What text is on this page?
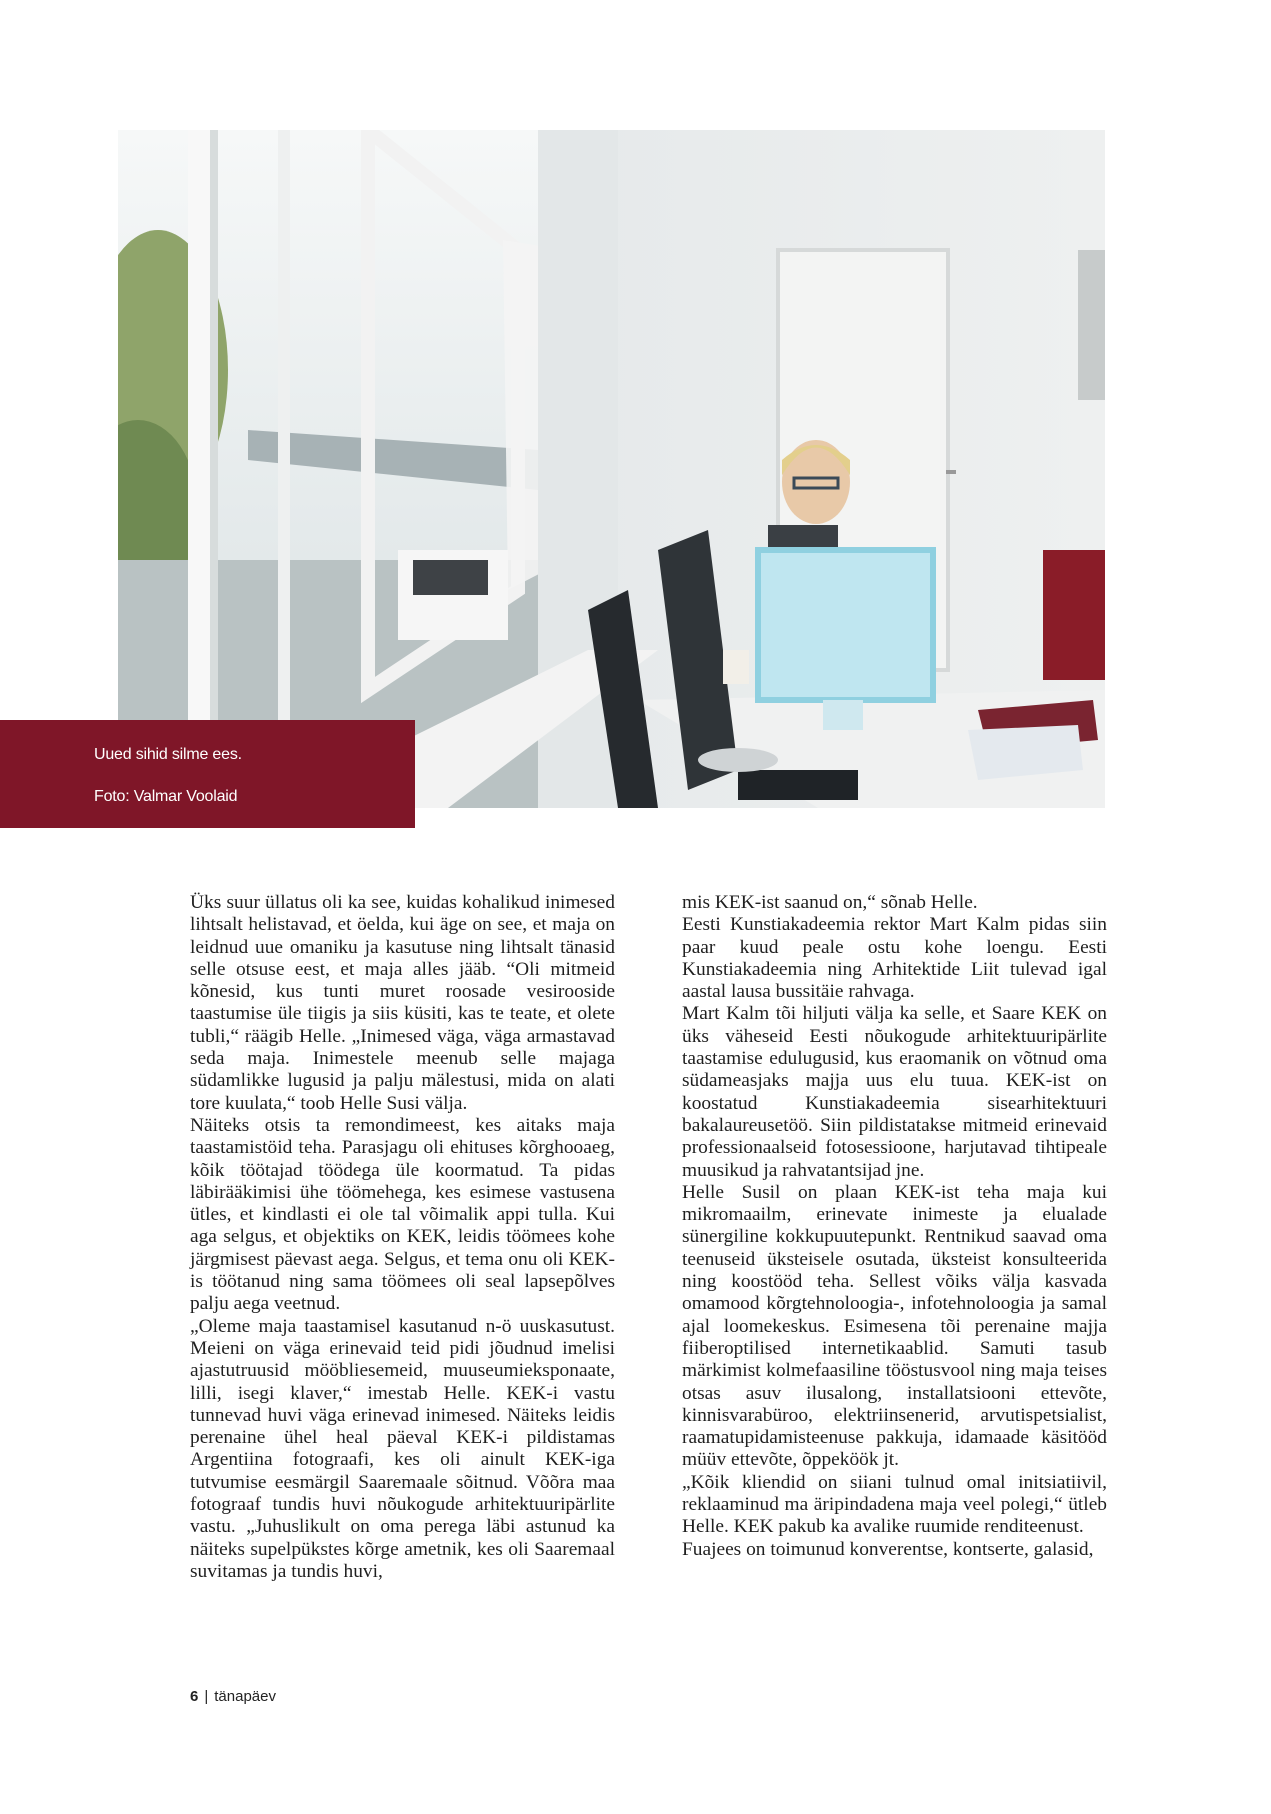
Uued sihid silme ees.
Foto: Valmar Voolaid

Üks suur üllatus oli ka see, kuidas kohalikud inimesed lihtsalt helistavad, et öelda, kui äge on see, et maja on leidnud uue omaniku ja kasutuse ning lihtsalt tänasid selle otsuse eest, et maja alles jääb. “Oli mitmeid kõnesid, kus tunti muret roosade vesirooside taastumise üle tiigis ja siis küsiti, kas te teate, et olete tubli,“ räägib Helle. „Inimesed väga, väga armastavad seda maja. Inimestele meenub selle majaga südamlikke lugusid ja palju mälestusi, mida on alati tore kuulata,“ toob Helle Susi välja.

Näiteks otsis ta remondimeest, kes aitaks maja taastamistöid teha. Parasjagu oli ehituses kõrghooaeg, kõik töötajad töödega üle koormatud. Ta pidas läbirääkimisi ühe töömehega, kes esimese vastusena ütles, et kindlasti ei ole tal võimalik appi tulla. Kui aga selgus, et objektiks on KEK, leidis töömees kohe järgmisest päevast aega. Selgus, et tema onu oli KEK-is töötanud ning sama töömees oli seal lapsepõlves palju aega veetnud.

„Oleme maja taastamisel kasutanud n-ö uuskasutust. Meieni on väga erinevaid teid pidi jõudnud imelisi ajastutruusid mööbliesemeid, muuseumieksponaate, lilli, isegi klaver,“ imestab Helle. KEK-i vastu tunnevad huvi väga erinevad inimesed. Näiteks leidis perenaine ühel heal päeval KEK-i pildistamas Argentiina fotograafi, kes oli ainult KEK-iga tutvumise eesmärgil Saaremaale sõitnud. Võõra maa fotograaf tundis huvi nõukogude arhitektuuripärlite vastu. „Juhuslikult on oma perega läbi astunud ka näiteks supelpükstes kõrge ametnik, kes oli Saaremaal suvitamas ja tundis huvi,

mis KEK-ist saanud on,“ sõnab Helle.

Eesti Kunstiakadeemia rektor Mart Kalm pidas siin paar kuud peale ostu kohe loengu. Eesti Kunstiakadeemia ning Arhitektide Liit tulevad igal aastal lausa bussitäie rahvaga.

Mart Kalm tõi hiljuti välja ka selle, et Saare KEK on üks väheseid Eesti nõukogude arhitektuuripärlite taastamise edulugusid, kus eraomanik on võtnud oma südameasjaks majja uus elu tuua. KEK-ist on koostatud Kunstiakadeemia sisearhitektuuri bakalaureusetöö. Siin pildistatakse mitmeid erinevaid professionaalseid fotosessioone, harjutavad tihtipeale muusikud ja rahvatantsijad jne.

Helle Susil on plaan KEK-ist teha maja kui mikromaailm, erinevate inimeste ja elualade sünergiline kokkupuutepunkt. Rentnikud saavad oma teenuseid üksteisele osutada, üksteist konsulteerida ning koostööd teha. Sellest võiks välja kasvada omamood kõrgtehnoloogia-, infotehnoloogia ja samal ajal loomekeskus. Esimesena tõi perenaine majja fiiberoptilised internetikaablid. Samuti tasub märkimist kolmefaasiline tööstusvool ning maja teises otsas asuv ilusalong, installatsiooni ettevõte, kinnisvarabüroo, elektriinsenerid, arvutispetsialist, raamatupidamisteenuse pakkuja, idamaade käsitööd müüv ettevõte, õppeköök jt.

„Kõik kliendid on siiani tulnud omal initsiatiivil, reklaaminud ma äripindadena maja veel polegi,“ ütleb Helle. KEK pakub ka avalike ruumide renditeenust.

Fuajees on toimunud konverentse, kontserte, galasid,

6 | tänapäev
